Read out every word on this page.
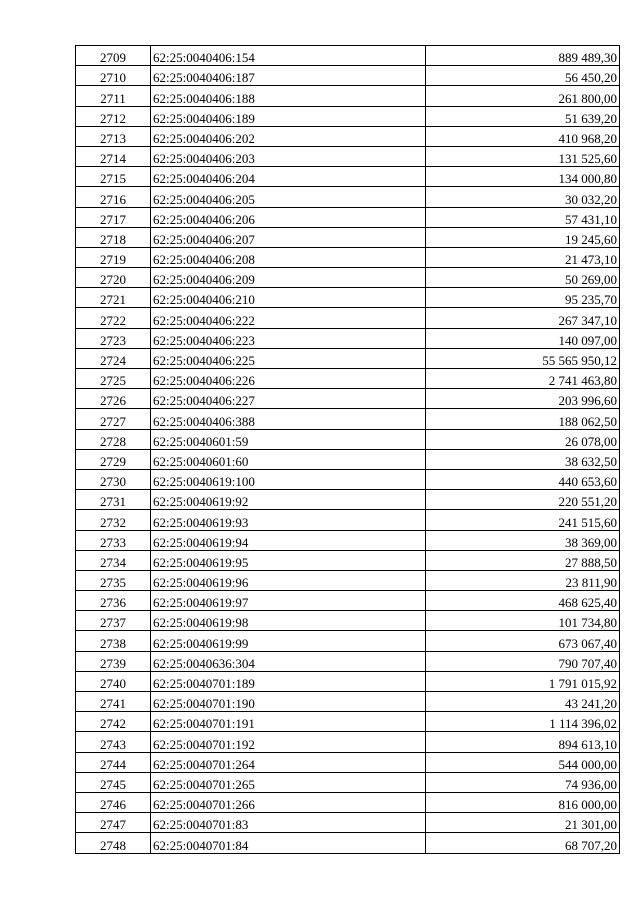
2709	62:25:0040406:154	889 489,30
2710	62:25:0040406:187	56 450,20
2711	62:25:0040406:188	261 800,00
2712	62:25:0040406:189	51 639,20
2713	62:25:0040406:202	410 968,20
2714	62:25:0040406:203	131 525,60
2715	62:25:0040406:204	134 000,80
2716	62:25:0040406:205	30 032,20
2717	62:25:0040406:206	57 431,10
2718	62:25:0040406:207	19 245,60
2719	62:25:0040406:208	21 473,10
2720	62:25:0040406:209	50 269,00
2721	62:25:0040406:210	95 235,70
2722	62:25:0040406:222	267 347,10
2723	62:25:0040406:223	140 097,00
2724	62:25:0040406:225	55 565 950,12
2725	62:25:0040406:226	2 741 463,80
2726	62:25:0040406:227	203 996,60
2727	62:25:0040406:388	188 062,50
2728	62:25:0040601:59	26 078,00
2729	62:25:0040601:60	38 632,50
2730	62:25:0040619:100	440 653,60
2731	62:25:0040619:92	220 551,20
2732	62:25:0040619:93	241 515,60
2733	62:25:0040619:94	38 369,00
2734	62:25:0040619:95	27 888,50
2735	62:25:0040619:96	23 811,90
2736	62:25:0040619:97	468 625,40
2737	62:25:0040619:98	101 734,80
2738	62:25:0040619:99	673 067,40
2739	62:25:0040636:304	790 707,40
2740	62:25:0040701:189	1 791 015,92
2741	62:25:0040701:190	43 241,20
2742	62:25:0040701:191	1 114 396,02
2743	62:25:0040701:192	894 613,10
2744	62:25:0040701:264	544 000,00
2745	62:25:0040701:265	74 936,00
2746	62:25:0040701:266	816 000,00
2747	62:25:0040701:83	21 301,00
2748	62:25:0040701:84	68 707,20
